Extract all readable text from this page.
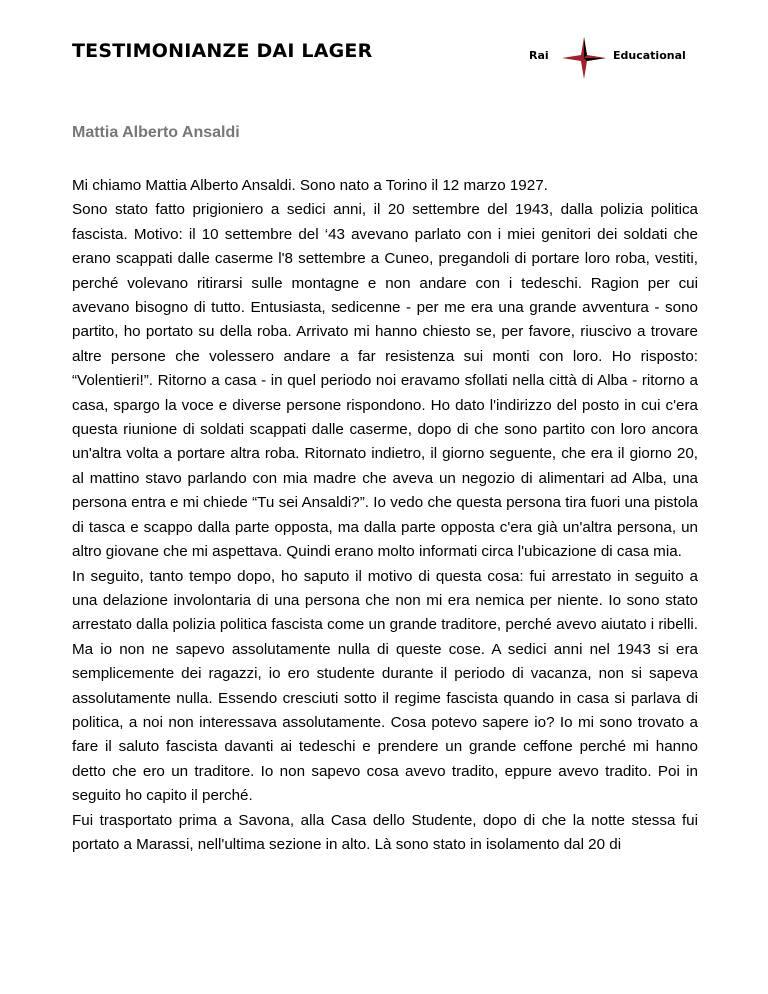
TESTIMONIANZE DAI LAGER	Rai	Educational
Mattia Alberto Ansaldi

Mi chiamo Mattia Alberto Ansaldi. Sono nato a Torino il 12 marzo 1927.

Sono stato fatto prigioniero a sedici anni, il 20 settembre del 1943, dalla polizia politica fascista. Motivo: il 10 settembre del ‘43 avevano parlato con i miei genitori dei soldati che erano scappati dalle caserme l'8 settembre a Cuneo, pregandoli di portare loro roba, vestiti, perché volevano ritirarsi sulle montagne e non andare con i tedeschi. Ragion per cui avevano bisogno di tutto. Entusiasta, sedicenne - per me era una grande avventura - sono partito, ho portato su della roba. Arrivato mi hanno chiesto se, per favore, riuscivo a trovare altre persone che volessero andare a far resistenza sui monti con loro. Ho risposto: “Volentieri!”. Ritorno a casa - in quel periodo noi eravamo sfollati nella città di Alba - ritorno a casa, spargo la voce e diverse persone rispondono. Ho dato l'indirizzo del posto in cui c'era questa riunione di soldati scappati dalle caserme, dopo di che sono partito con loro ancora un'altra volta a portare altra roba. Ritornato indietro, il giorno seguente, che era il giorno 20, al mattino stavo parlando con mia madre che aveva un negozio di alimentari ad Alba, una persona entra e mi chiede “Tu sei Ansaldi?”. Io vedo che questa persona tira fuori una pistola di tasca e scappo dalla parte opposta, ma dalla parte opposta c'era già un'altra persona, un altro giovane che mi aspettava. Quindi erano molto informati circa l'ubicazione di casa mia.

In seguito, tanto tempo dopo, ho saputo il motivo di questa cosa: fui arrestato in seguito a una delazione involontaria di una persona che non mi era nemica per niente. Io sono stato arrestato dalla polizia politica fascista come un grande traditore, perché avevo aiutato i ribelli. Ma io non ne sapevo assolutamente nulla di queste cose. A sedici anni nel 1943 si era semplicemente dei ragazzi, io ero studente durante il periodo di vacanza, non si sapeva assolutamente nulla. Essendo cresciuti sotto il regime fascista quando in casa si parlava di politica, a noi non interessava assolutamente. Cosa potevo sapere io? Io mi sono trovato a fare il saluto fascista davanti ai tedeschi e prendere un grande ceffone perché mi hanno detto che ero un traditore. Io non sapevo cosa avevo tradito, eppure avevo tradito. Poi in seguito ho capito il perché.

Fui trasportato prima a Savona, alla Casa dello Studente, dopo di che la notte stessa fui portato a Marassi, nell'ultima sezione in alto. Là sono stato in isolamento dal 20 di
